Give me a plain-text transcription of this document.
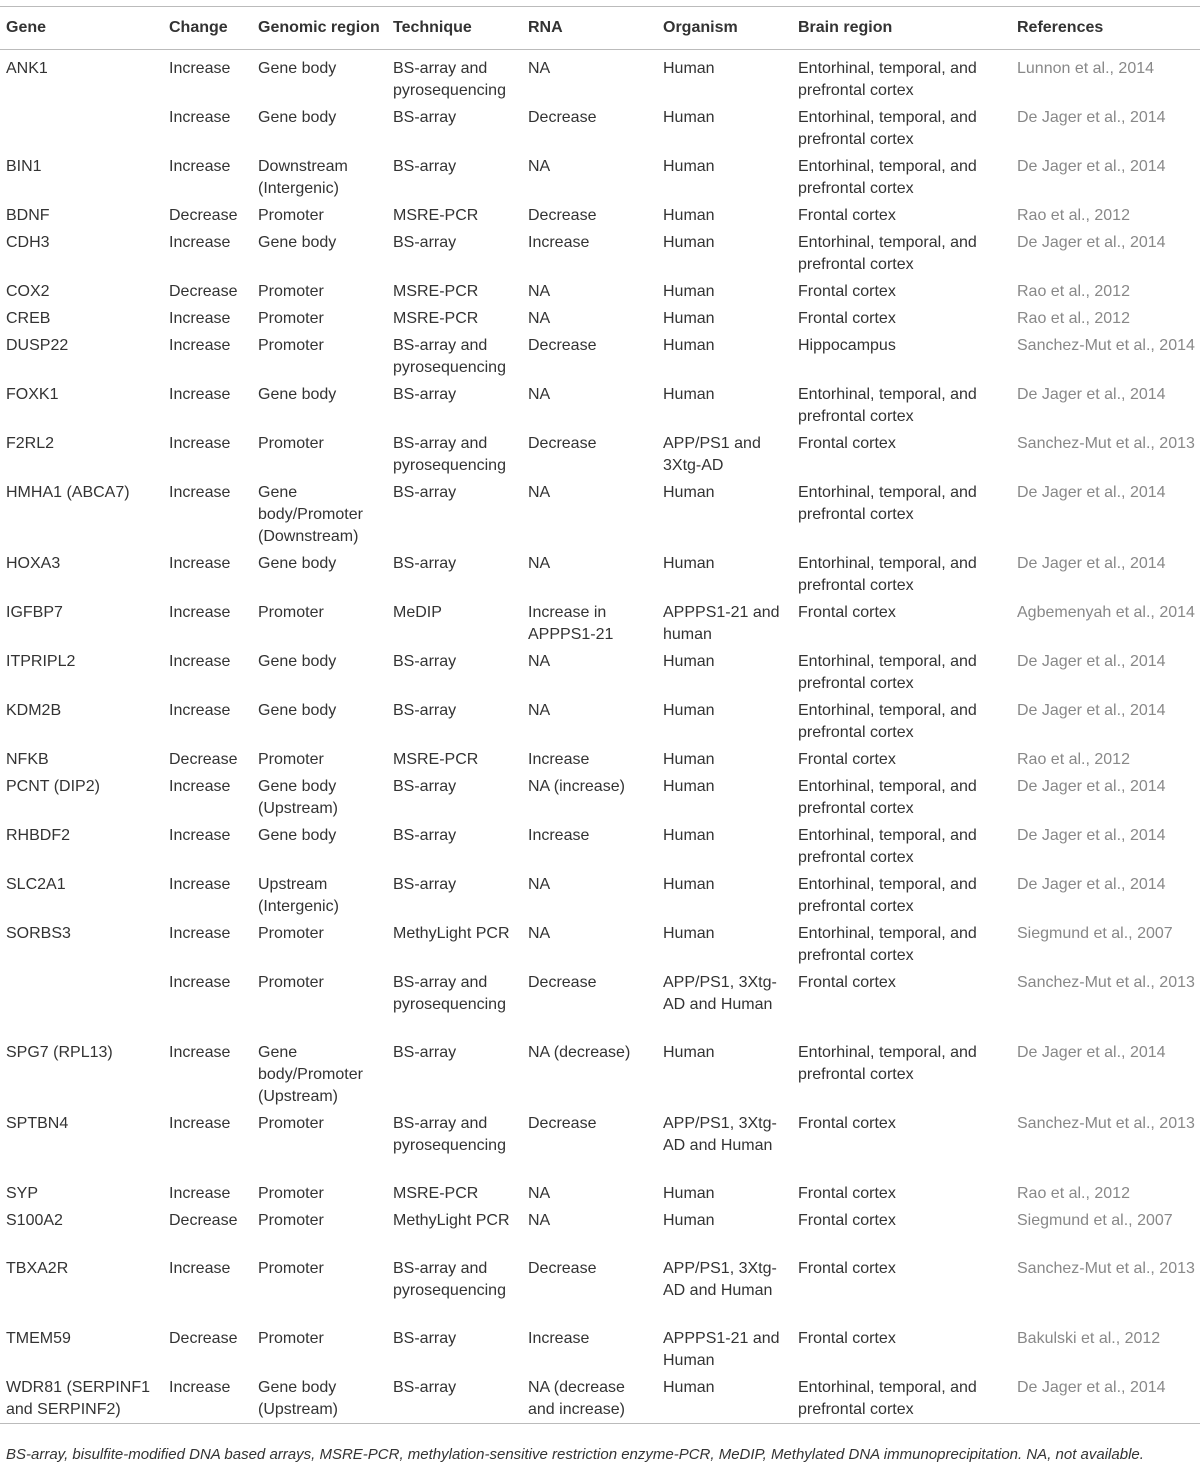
Gene	Change	Genomic region	Technique	RNA	Organism	Brain region	References
ANK1	Increase	Gene body	BS-array and pyrosequencing	NA	Human	Entorhinal, temporal, and prefrontal cortex	Lunnon et al., 2014
	Increase	Gene body	BS-array	Decrease	Human	Entorhinal, temporal, and prefrontal cortex	De Jager et al., 2014
BIN1	Increase	Downstream (Intergenic)	BS-array	NA	Human	Entorhinal, temporal, and prefrontal cortex	De Jager et al., 2014
BDNF	Decrease	Promoter	MSRE-PCR	Decrease	Human	Frontal cortex	Rao et al., 2012
CDH3	Increase	Gene body	BS-array	Increase	Human	Entorhinal, temporal, and prefrontal cortex	De Jager et al., 2014
COX2	Decrease	Promoter	MSRE-PCR	NA	Human	Frontal cortex	Rao et al., 2012
CREB	Increase	Promoter	MSRE-PCR	NA	Human	Frontal cortex	Rao et al., 2012
DUSP22	Increase	Promoter	BS-array and pyrosequencing	Decrease	Human	Hippocampus	Sanchez-Mut et al., 2014
FOXK1	Increase	Gene body	BS-array	NA	Human	Entorhinal, temporal, and prefrontal cortex	De Jager et al., 2014
F2RL2	Increase	Promoter	BS-array and pyrosequencing	Decrease	APP/PS1 and 3Xtg-AD	Frontal cortex	Sanchez-Mut et al., 2013
HMHA1 (ABCA7)	Increase	Gene body/Promoter (Downstream)	BS-array	NA	Human	Entorhinal, temporal, and prefrontal cortex	De Jager et al., 2014
HOXA3	Increase	Gene body	BS-array	NA	Human	Entorhinal, temporal, and prefrontal cortex	De Jager et al., 2014
IGFBP7	Increase	Promoter	MeDIP	Increase in APPPS1-21	APPPS1-21 and human	Frontal cortex	Agbemenyah et al., 2014
ITPRIPL2	Increase	Gene body	BS-array	NA	Human	Entorhinal, temporal, and prefrontal cortex	De Jager et al., 2014
KDM2B	Increase	Gene body	BS-array	NA	Human	Entorhinal, temporal, and prefrontal cortex	De Jager et al., 2014
NFKB	Decrease	Promoter	MSRE-PCR	Increase	Human	Frontal cortex	Rao et al., 2012
PCNT (DIP2)	Increase	Gene body (Upstream)	BS-array	NA (increase)	Human	Entorhinal, temporal, and prefrontal cortex	De Jager et al., 2014
RHBDF2	Increase	Gene body	BS-array	Increase	Human	Entorhinal, temporal, and prefrontal cortex	De Jager et al., 2014
SLC2A1	Increase	Upstream (Intergenic)	BS-array	NA	Human	Entorhinal, temporal, and prefrontal cortex	De Jager et al., 2014
SORBS3	Increase	Promoter	MethyLight PCR	NA	Human	Entorhinal, temporal, and prefrontal cortex	Siegmund et al., 2007
	Increase	Promoter	BS-array and pyrosequencing	Decrease	APP/PS1, 3Xtg-AD and Human	Frontal cortex	Sanchez-Mut et al., 2013
SPG7 (RPL13)	Increase	Gene body/Promoter (Upstream)	BS-array	NA (decrease)	Human	Entorhinal, temporal, and prefrontal cortex	De Jager et al., 2014
SPTBN4	Increase	Promoter	BS-array and pyrosequencing	Decrease	APP/PS1, 3Xtg-AD and Human	Frontal cortex	Sanchez-Mut et al., 2013
SYP	Increase	Promoter	MSRE-PCR	NA	Human	Frontal cortex	Rao et al., 2012
S100A2	Decrease	Promoter	MethyLight PCR	NA	Human	Frontal cortex	Siegmund et al., 2007
TBXA2R	Increase	Promoter	BS-array and pyrosequencing	Decrease	APP/PS1, 3Xtg-AD and Human	Frontal cortex	Sanchez-Mut et al., 2013
TMEM59	Decrease	Promoter	BS-array	Increase	APPPS1-21 and Human	Frontal cortex	Bakulski et al., 2012
WDR81 (SERPINF1 and SERPINF2)	Increase	Gene body (Upstream)	BS-array	NA (decrease and increase)	Human	Entorhinal, temporal, and prefrontal cortex	De Jager et al., 2014
BS-array, bisulfite-modified DNA based arrays, MSRE-PCR, methylation-sensitive restriction enzyme-PCR, MeDIP, Methylated DNA immunoprecipitation. NA, not available.
